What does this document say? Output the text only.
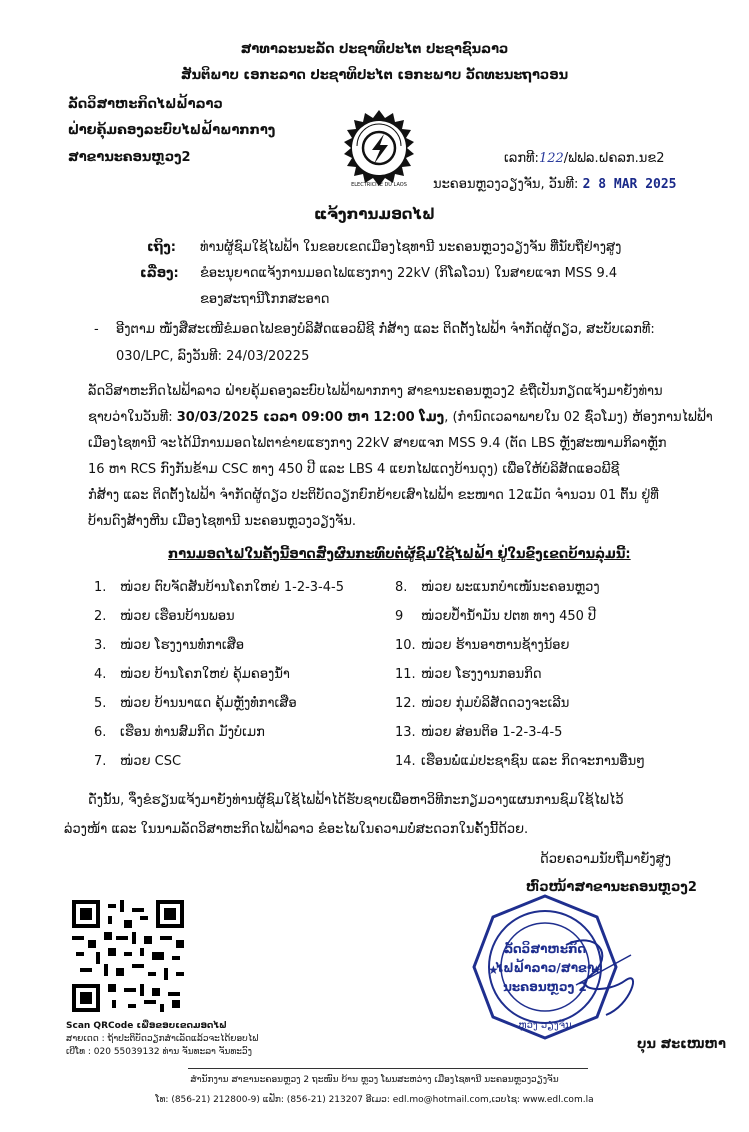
ສາທາລະນະລັດ ປະຊາທິປະໄຕ ປະຊາຊົນລາວ
ສັນຕິພາບ ເອກະລາດ ປະຊາທິປະໄຕ ເອກະພາບ ວັດທະນະຖາວອນ
ລັດວິສາຫະກິດໄຟຟ້າລາວ
ຝ່າຍຄຸ້ມຄອງລະບົບໄຟຟ້າພາກກາງ
ສາຂານະຄອນຫຼວງ2
ELECTRICITE DU LAOS
ເລກທີ:122/ຟຟລ.ຝຄລກ.ນຂ2
ນະຄອນຫຼວງວຽງຈັນ, ວັນທີ: 2 8 MAR 2025
ແຈ້ງການມອດໄຟ
ເຖິງ: ທ່ານຜູ້ຊົມໃຊ້ໄຟຟ້າ ໃນຂອບເຂດເມືອງໄຊທານີ ນະຄອນຫຼວງວຽງຈັນ ທີ່ນັບຖືຢ່າງສູງ
ເລື່ອງ: ຂໍອະນຸຍາດແຈ້ງການມອດໄຟແຮງກາງ 22kV (ກິໂລໂວນ) ໃນສາຍແຈກ MSS 9.4
ຂອງສະຖານີໂກກສະອາດ
- ອີງຕາມ ໜັງສືສະເໜີຂໍມອດໄຟຂອງບໍລິສັດແອວພີຊີ ກໍ່ສ້າງ ແລະ ຕິດຕັ້ງໄຟຟ້າ ຈໍາກັດຜູ້ດຽວ, ສະບັບເລກທີ:
030/LPC, ລົງວັນທີ: 24/03/20225
ລັດວິສາຫະກິດໄຟຟ້າລາວ ຝ່າຍຄຸ້ມຄອງລະບົບໄຟຟ້າພາກກາງ ສາຂານະຄອນຫຼວງ2 ຂໍຖືເປັນກຽດແຈ້ງມາຍັງທ່ານ
ຊາບວ່າໃນວັນທີ: 30/03/2025 ເວລາ 09:00 ຫາ 12:00 ໂມງ, (ກໍານົດເວລາພາຍໃນ 02 ຊົ່ວໂມງ) ຫ້ອງການໄຟຟ້າ
ເມືອງໄຊທານີ ຈະໄດ້ມີການມອດໄຟຕາຂ່າຍແຮງກາງ 22kV ສາຍແຈກ MSS 9.4 (ຕັດ LBS ຫຼັງສະໜາມກິລາຫຼັກ
16 ຫາ RCS ກົງກັນຂ້າມ CSC ທາງ 450 ປີ ແລະ LBS 4 ແຍກໄຟແດງບ້ານດຸງ) ເພື່ອໃຫ້ບໍລິສັດແອວພີຊີ
ກໍ່ສ້າງ ແລະ ຕິດຕັ້ງໄຟຟ້າ ຈໍາກັດຜູ້ດຽວ ປະຕິບັດວຽກຍົກຍ້າຍເສົາໄຟຟ້າ ຂະໜາດ 12ແມັດ ຈໍານວນ 01 ຕົ້ນ ຢູ່ທີ່
ບ້ານດົງສ້າງຫີນ ເມືອງໄຊທານີ ນະຄອນຫຼວງວຽງຈັນ.
ການມອດໄຟໃນຄັ້ງນີ້ອາດສົ່ງຜົນກະທົບຕໍ່ຜູ້ຊົມໃຊ້ໄຟຟ້າ ຢູ່ໃນຂົງເຂດບ້ານລຸ່ມນີ້:
1. ໜ່ວຍ ຕົບຈັດສັນບ້ານໂຄກໃຫຍ່ 1-2-3-4-5
2. ໜ່ວຍ ເຮືອນບ້ານພອນ
3. ໜ່ວຍ ໂຮງງານທໍ່ກາເສືອ
4. ໜ່ວຍ ບ້ານໂຄກໃຫຍ່ ຄຸ້ມຄອງນໍ້າ
5. ໜ່ວຍ ບ້ານນາແດ ຄຸ້ມຫຼັງທໍ່ກາເສືອ
6. ເຮືອນ ທ່ານສົມກິດ ມັງບໍເມກ
7. ໜ່ວຍ CSC
8. ໜ່ວຍ ພະແນກບໍາເໜັນະຄອນຫຼວງ
9 ໜ່ວຍປໍ້ານໍ້າມັນ ປຕທ ທາງ 450 ປີ
10. ໜ່ວຍ ຮ້ານອາຫານຊ້າງນ້ອຍ
11. ໜ່ວຍ ໂຮງງານກອນກິດ
12. ໜ່ວຍ ກຸ່ມບໍລິສັດດວງຈະເລີນ
13. ໜ່ວຍ ສ່ອນຕິອ 1-2-3-4-5
14. ເຮືອນພໍ່ແມ່ປະຊາຊົນ ແລະ ກິດຈະການອື່ນໆ
ດັ່ງນັ້ນ, ຈຶ່ງຂໍຮຽນແຈ້ງມາຍັງທ່ານຜູ້ຊົມໃຊ້ໄຟຟ້າໄດ້ຮັບຊາບເພື່ອຫາວິທີກະກຽມວາງແຜນການຊົມໃຊ້ໄຟໄວ້
ລ່ວງໜ້າ ແລະ ໃນນາມລັດວິສາຫະກິດໄຟຟ້າລາວ ຂໍອະໄພໃນຄວາມບໍ່ສະດວກໃນຄັ້ງນີ້ດ້ວຍ.
ດ້ວຍຄວາມນັບຖືມາຍັງສູງ
ຫົວໜ້າສາຂານະຄອນຫຼວງ2
★	★
ລັດວິສາຫະກິດ
ໄຟຟ້າລາວ/ສາຂາ
ນະຄອນຫຼວງ 2
ຫຼວງ ວຽງຈັນ
ບຸນ ສະເໜຫາ
Scan QRCode ເພື່ອຂອບເຂດມອດໄຟ
ສາຍເດດ : ຖ້າປະຕິບັດວຽກສໍາເລັດແລ້ວຈະໄດ້ຍອບໄຟ
ເບີໂທ : 020 55039132 ທ່ານ ຈັນທະລາ ຈັນທະວົງ
ສໍານັກງານ ສາຂານະຄອນຫຼວງ 2 ຖະໜົນ ບ້ານ ຫຼວງ ໂພນສະຫວ່າງ ເມືອງໄຊທານີ ນະຄອນຫຼວງວຽງຈັນ
ໂທ: (856-21) 212800-9) ແຟັກ: (856-21) 213207 ອີເມວ: edl.mo@hotmail.com,ເວບໄຊ: www.edl.com.la
